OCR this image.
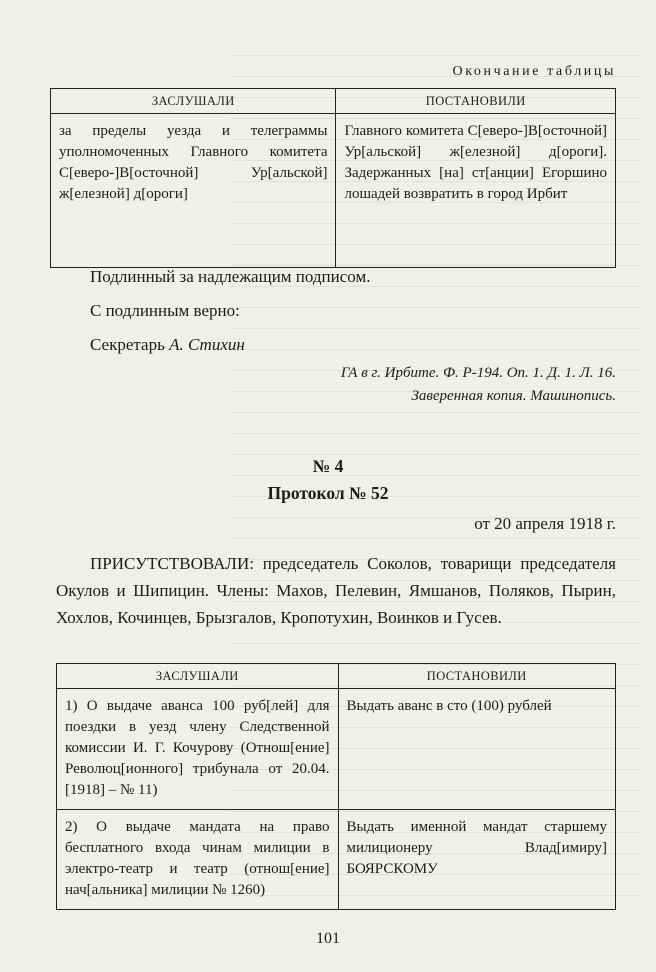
Окончание таблицы
ЗАСЛУШАЛИ	ПОСТАНОВИЛИ
за пределы уезда и телеграммы уполномоченных Главного комитета С[еверо-]В[осточной] Ур[альской] ж[елезной] д[ороги]	Главного комитета С[еверо-]В[осточной] Ур[альской] ж[елезной] д[ороги]. Задержанных [на] ст[анции] Егоршино лошадей возвратить в город Ирбит
Подлинный за надлежащим подписом.
С подлинным верно:
Секретарь А. Стихин
ГА в г. Ирбите. Ф. Р-194. Оп. 1. Д. 1. Л. 16.
Заверенная копия. Машинопись.
№ 4
Протокол № 52
от 20 апреля 1918 г.
ПРИСУТСТВОВАЛИ: председатель Соколов, товарищи председателя Окулов и Шипицин. Члены: Махов, Пелевин, Ямшанов, Поляков, Пырин, Хохлов, Кочинцев, Брызгалов, Кропотухин, Воинков и Гусев.
ЗАСЛУШАЛИ	ПОСТАНОВИЛИ
1) О выдаче аванса 100 руб[лей] для поездки в уезд члену Следственной комиссии И. Г. Кочурову (Отнош[ение] Революц[ионного] трибунала от 20.04.[1918] – № 11)	Выдать аванс в сто (100) рублей
2) О выдаче мандата на право бесплатного входа чинам милиции в электро-театр и театр (отнош[ение] нач[альника] милиции № 1260)	Выдать именной мандат старшему милиционеру Влад[имиру] БОЯРСКОМУ
101
